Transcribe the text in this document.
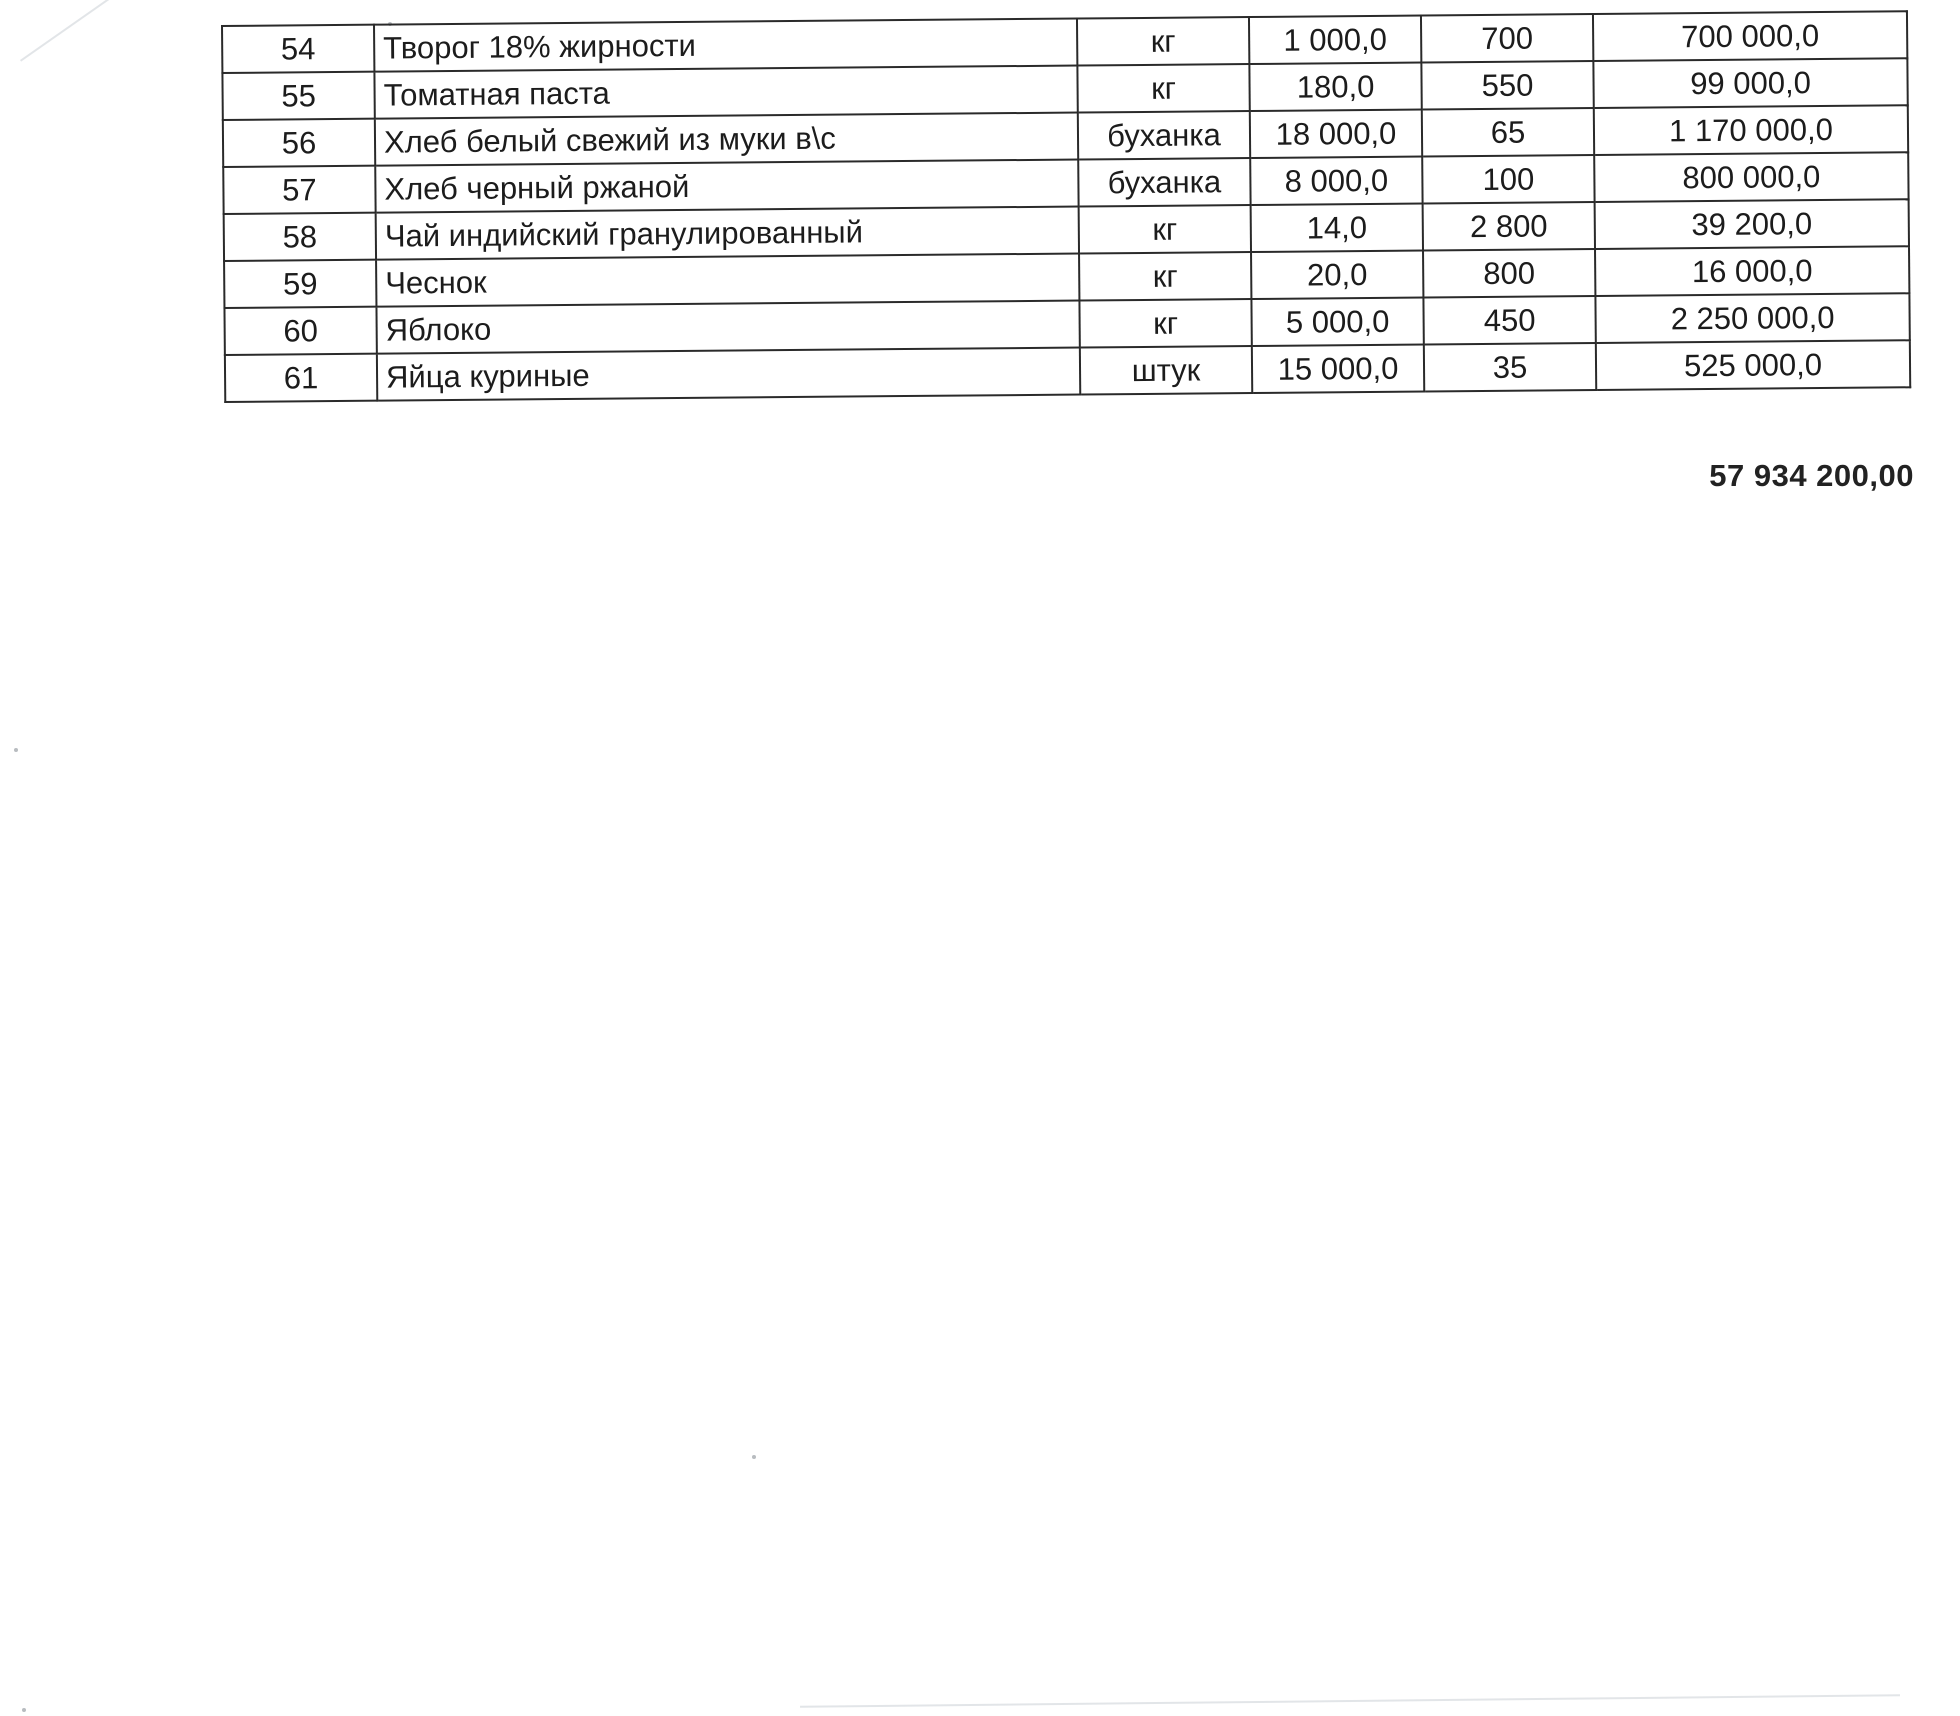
54	Творог 18% жирности	кг	1 000,0	700	700 000,0
55	Томатная паста	кг	180,0	550	99 000,0
56	Хлеб белый свежий из муки в\с	буханка	18 000,0	65	1 170 000,0
57	Хлеб черный ржаной	буханка	8 000,0	100	800 000,0
58	Чай индийский гранулированный	кг	14,0	2 800	39 200,0
59	Чеснок	кг	20,0	800	16 000,0
60	Яблоко	кг	5 000,0	450	2 250 000,0
61	Яйца куриные	штук	15 000,0	35	525 000,0
57 934 200,00
